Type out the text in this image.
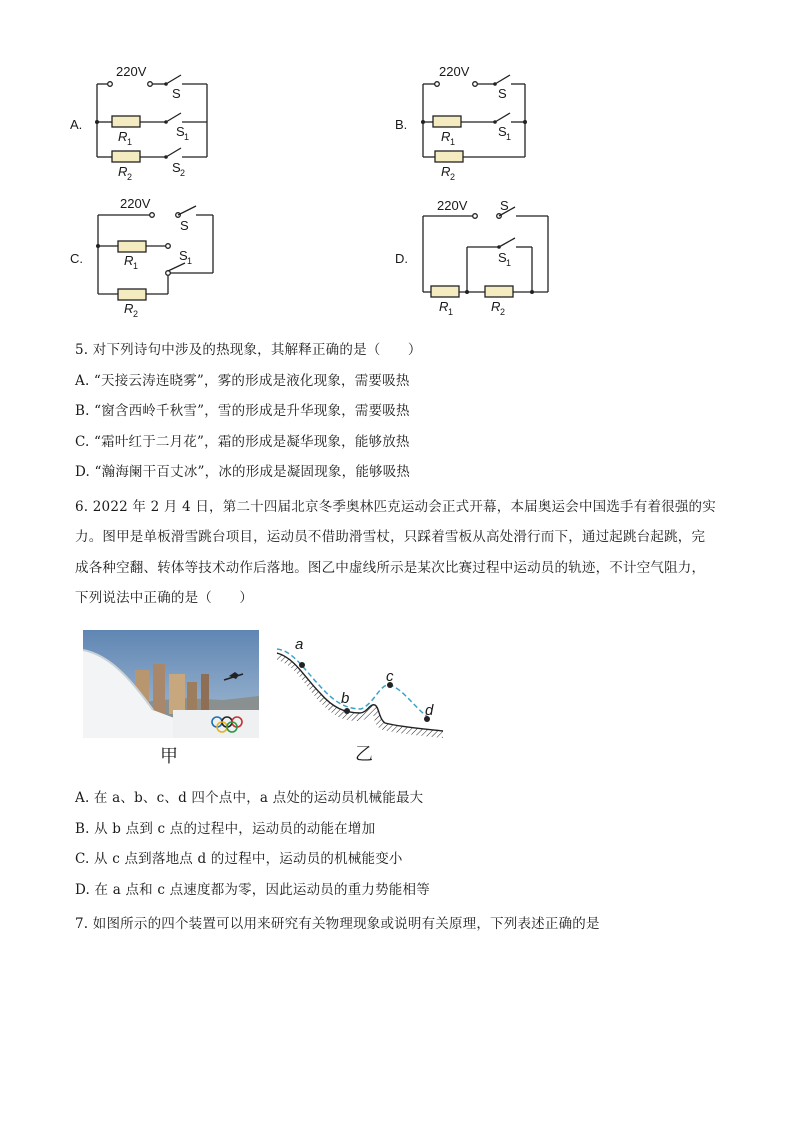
A.
220V
S
S 1
S 2
R 1
R 2
B.
220V
S
S 1
R 1
R 2
C.
220V
S
S 1
R 1
R 2
D.
220V	S
S 1
R 1	R 2
5. 对下列诗句中涉及的热现象，其解释正确的是（　　）
A. “天接云涛连晓雾”，雾的形成是液化现象，需要吸热
B. “窗含西岭千秋雪”，雪的形成是升华现象，需要吸热
C. “霜叶红于二月花”，霜的形成是凝华现象，能够放热
D. “瀚海阑干百丈冰”，冰的形成是凝固现象，能够吸热
6. 2022 年 2 月 4 日，第二十四届北京冬季奥林匹克运动会正式开幕，本届奥运会中国选手有着很强的实
力。图甲是单板滑雪跳台项目，运动员不借助滑雪杖，只踩着雪板从高处滑行而下，通过起跳台起跳，完
成各种空翻、转体等技术动作后落地。图乙中虚线所示是某次比赛过程中运动员的轨迹，不计空气阻力，
下列说法中正确的是（　　）
甲
a
b
c
d
乙
A. 在 a、b、c、d 四个点中，a 点处的运动员机械能最大
B. 从 b 点到 c 点的过程中，运动员的动能在增加
C. 从 c 点到落地点 d 的过程中，运动员的机械能变小
D. 在 a 点和 c 点速度都为零，因此运动员的重力势能相等
7. 如图所示的四个装置可以用来研究有关物理现象或说明有关原理，下列表述正确的是
